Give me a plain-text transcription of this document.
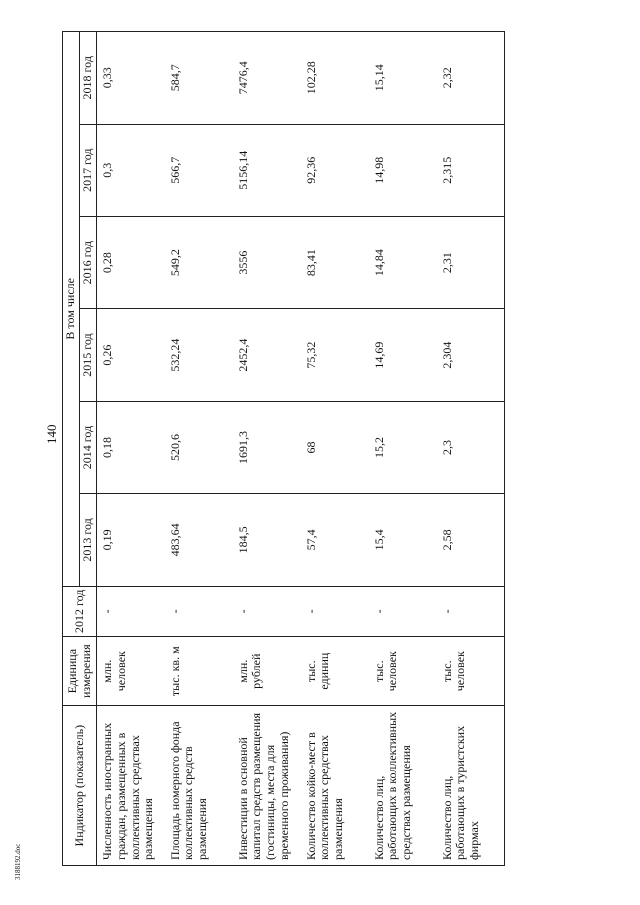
140
3188192.doc
Индикатор (показатель)	Единица измерения	2012 год	В том числе					
			2013 год	2014 год	2015 год	2016 год	2017 год	2018 год
Численность иностранных граждан, размещенных в коллективных средствах размещения	млн. человек	-	0,19	0,18	0,26	0,28	0,3	0,33
Площадь номерного фонда коллективных средств размещения	тыс. кв. м	-	483,64	520,6	532,24	549,2	566,7	584,7
Инвестиции в основной капитал средств размещения (гостиницы, места для временного проживания)	млн. рублей	-	184,5	1691,3	2452,4	3556	5156,14	7476,4
Количество койко-мест в коллективных средствах размещения	тыс. единиц	-	57,4	68	75,32	83,41	92,36	102,28
Количество лиц, работающих в коллективных средствах размещения	тыс. человек	-	15,4	15,2	14,69	14,84	14,98	15,14
Количество лиц, работающих в туристских фирмах	тыс. человек	-	2,58	2,3	2,304	2,31	2,315	2,32
